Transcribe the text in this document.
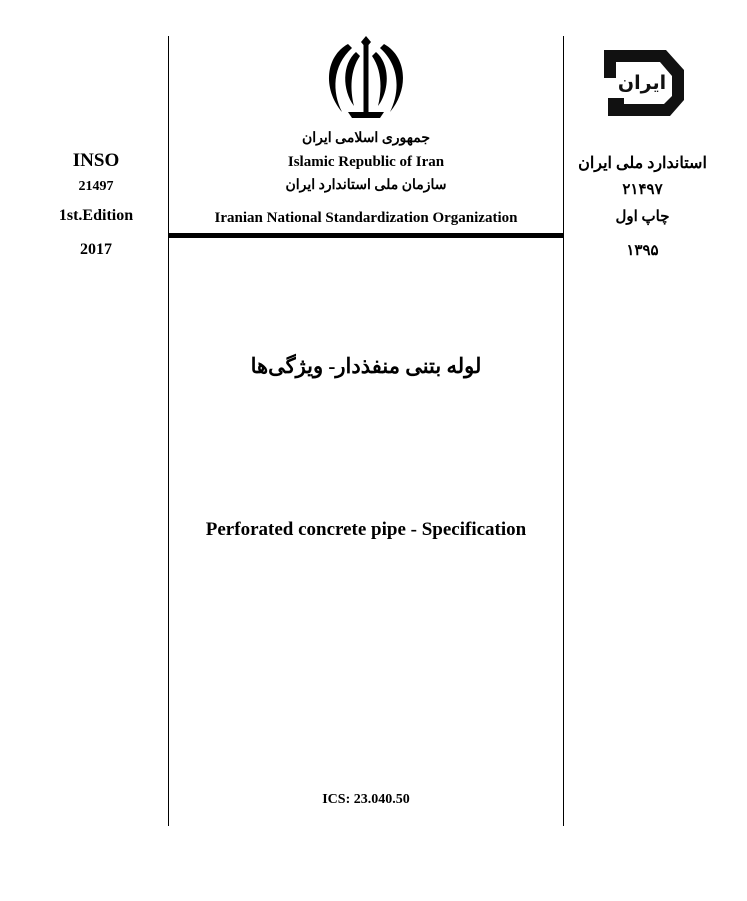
INSO
21497
1st.Edition
2017
ایران
استاندارد ملی ایران
۲۱۴۹۷
چاپ اول
۱۳۹۵
جمهوری اسلامی ایران
Islamic Republic of Iran
سازمان ملی استاندارد ایران
Iranian National Standardization Organization
لوله بتنی منفذدار- ویژگی‌ها
Perforated concrete pipe - Specification
ICS: 23.040.50
